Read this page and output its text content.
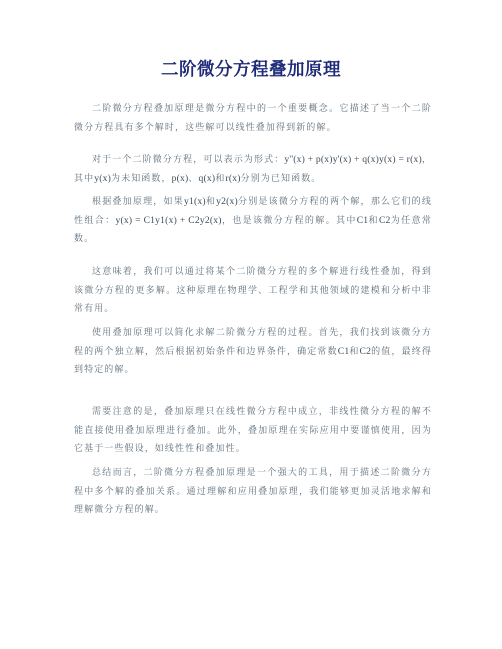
二阶微分方程叠加原理

二阶微分方程叠加原理是微分方程中的一个重要概念。它描述了当一个二阶微分方程具有多个解时，这些解可以线性叠加得到新的解。

对于一个二阶微分方程，可以表示为形式：y''(x) + p(x)y'(x) + q(x)y(x) = r(x)，其中y(x)为未知函数，p(x)、q(x)和r(x)分别为已知函数。

根据叠加原理，如果y1(x)和y2(x)分别是该微分方程的两个解，那么它们的线性组合：y(x) = C1y1(x) + C2y2(x)，也是该微分方程的解。其中C1和C2为任意常数。

这意味着，我们可以通过将某个二阶微分方程的多个解进行线性叠加，得到该微分方程的更多解。这种原理在物理学、工程学和其他领域的建模和分析中非常有用。

使用叠加原理可以简化求解二阶微分方程的过程。首先，我们找到该微分方程的两个独立解，然后根据初始条件和边界条件，确定常数C1和C2的值，最终得到特定的解。

需要注意的是，叠加原理只在线性微分方程中成立，非线性微分方程的解不能直接使用叠加原理进行叠加。此外，叠加原理在实际应用中要谨慎使用，因为它基于一些假设，如线性性和叠加性。

总结而言，二阶微分方程叠加原理是一个强大的工具，用于描述二阶微分方程中多个解的叠加关系。通过理解和应用叠加原理，我们能够更加灵活地求解和理解微分方程的解。
